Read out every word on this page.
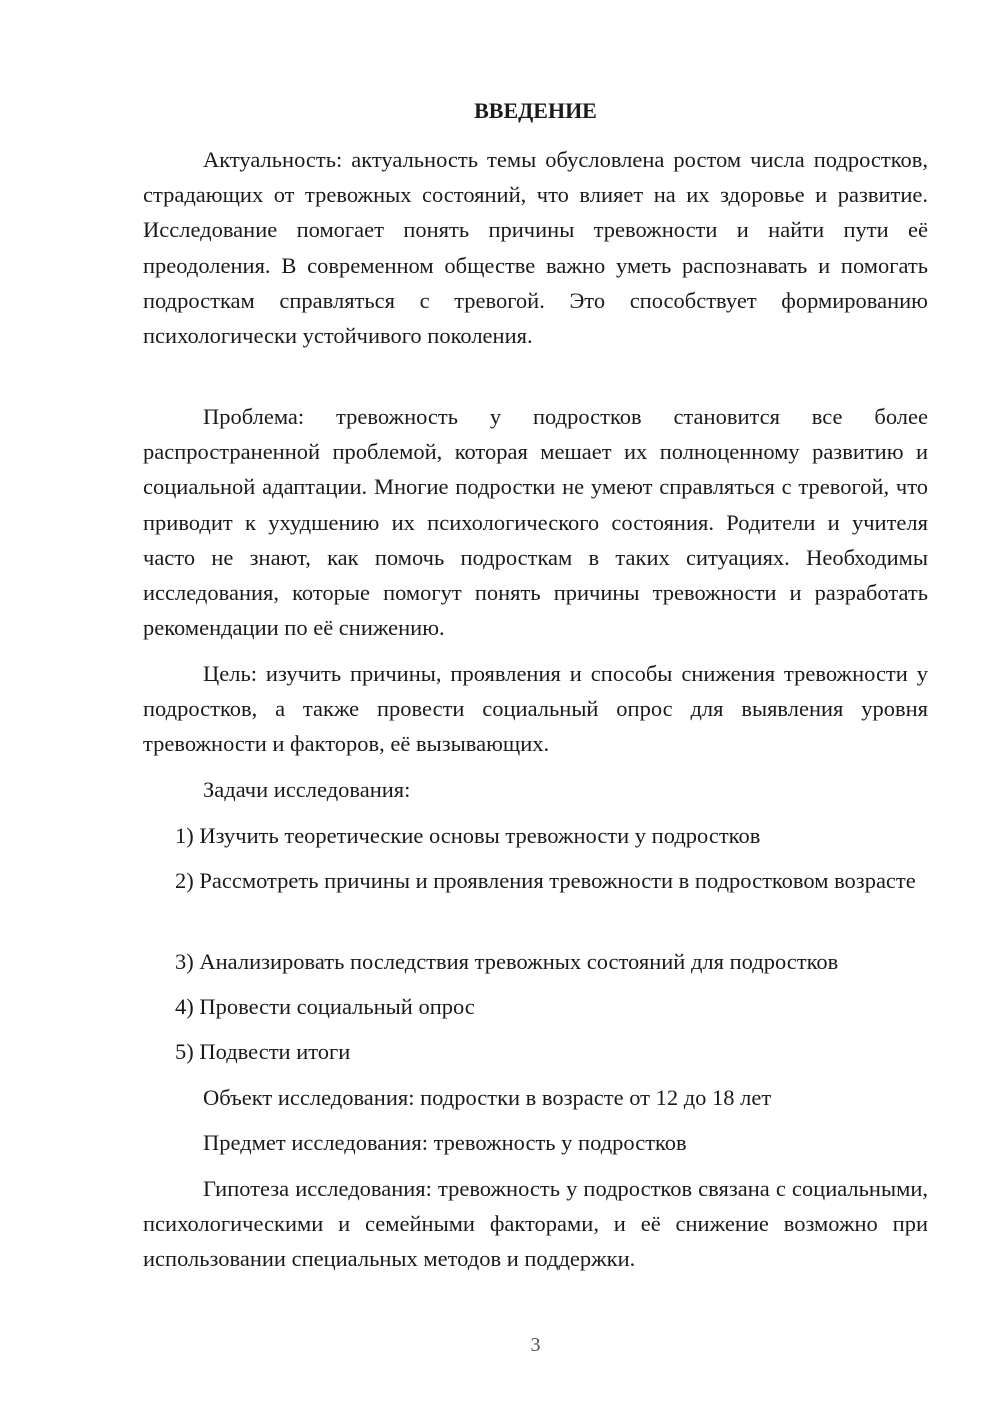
ВВЕДЕНИЕ

Актуальность: актуальность темы обусловлена ростом числа подростков, страдающих от тревожных состояний, что влияет на их здоровье и развитие. Исследование помогает понять причины тревожности и найти пути её преодоления. В современном обществе важно уметь распознавать и помогать подросткам справляться с тревогой. Это способствует формированию психологически устойчивого поколения.

Проблема: тревожность у подростков становится все более распространенной проблемой, которая мешает их полноценному развитию и социальной адаптации. Многие подростки не умеют справляться с тревогой, что приводит к ухудшению их психологического состояния. Родители и учителя часто не знают, как помочь подросткам в таких ситуациях. Необходимы исследования, которые помогут понять причины тревожности и разработать рекомендации по её снижению.

Цель: изучить причины, проявления и способы снижения тревожности у подростков, а также провести социальный опрос для выявления уровня тревожности и факторов, её вызывающих.

Задачи исследования:

1) Изучить теоретические основы тревожности у подростков

2) Рассмотреть причины и проявления тревожности в подростковом возрасте

3) Анализировать последствия тревожных состояний для подростков

4) Провести социальный опрос

5) Подвести итоги

Объект исследования: подростки в возрасте от 12 до 18 лет

Предмет исследования: тревожность у подростков

Гипотеза исследования: тревожность у подростков связана с социальными, психологическими и семейными факторами, и её снижение возможно при использовании специальных методов и поддержки.

3
